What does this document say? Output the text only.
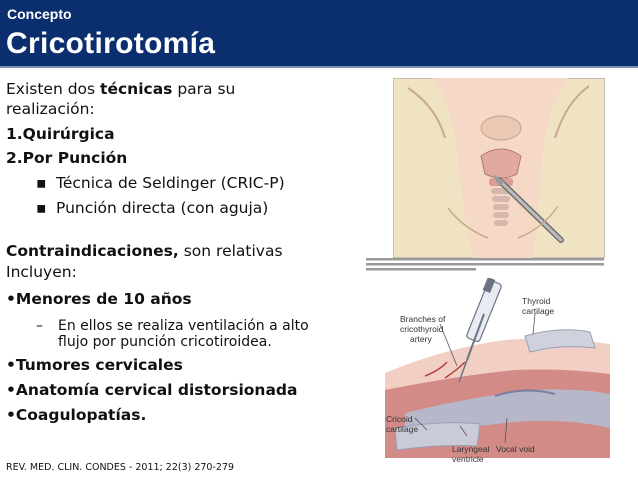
Concepto
Cricotirotomía
Existen dos técnicas para su
realización:
1.Quirúrgica
2.Por Punción
▪ Técnica de Seldinger (CRIC-P)
▪ Punción directa (con aguja)
Contraindicaciones, son relativas
Incluyen:
•Menores de 10 años
– En ellos se realiza ventilación a alto
flujo por punción cricotiroidea.
•Tumores cervicales
•Anatomía cervical distorsionada
•Coagulopatías.
REV. MED. CLIN. CONDES - 2011; 22(3) 270-279
Branches of
cricothyroid
artery
Thyroid
cartilage
Cricoid
cartilage
Vocal void
Laryngeal
ventricle
